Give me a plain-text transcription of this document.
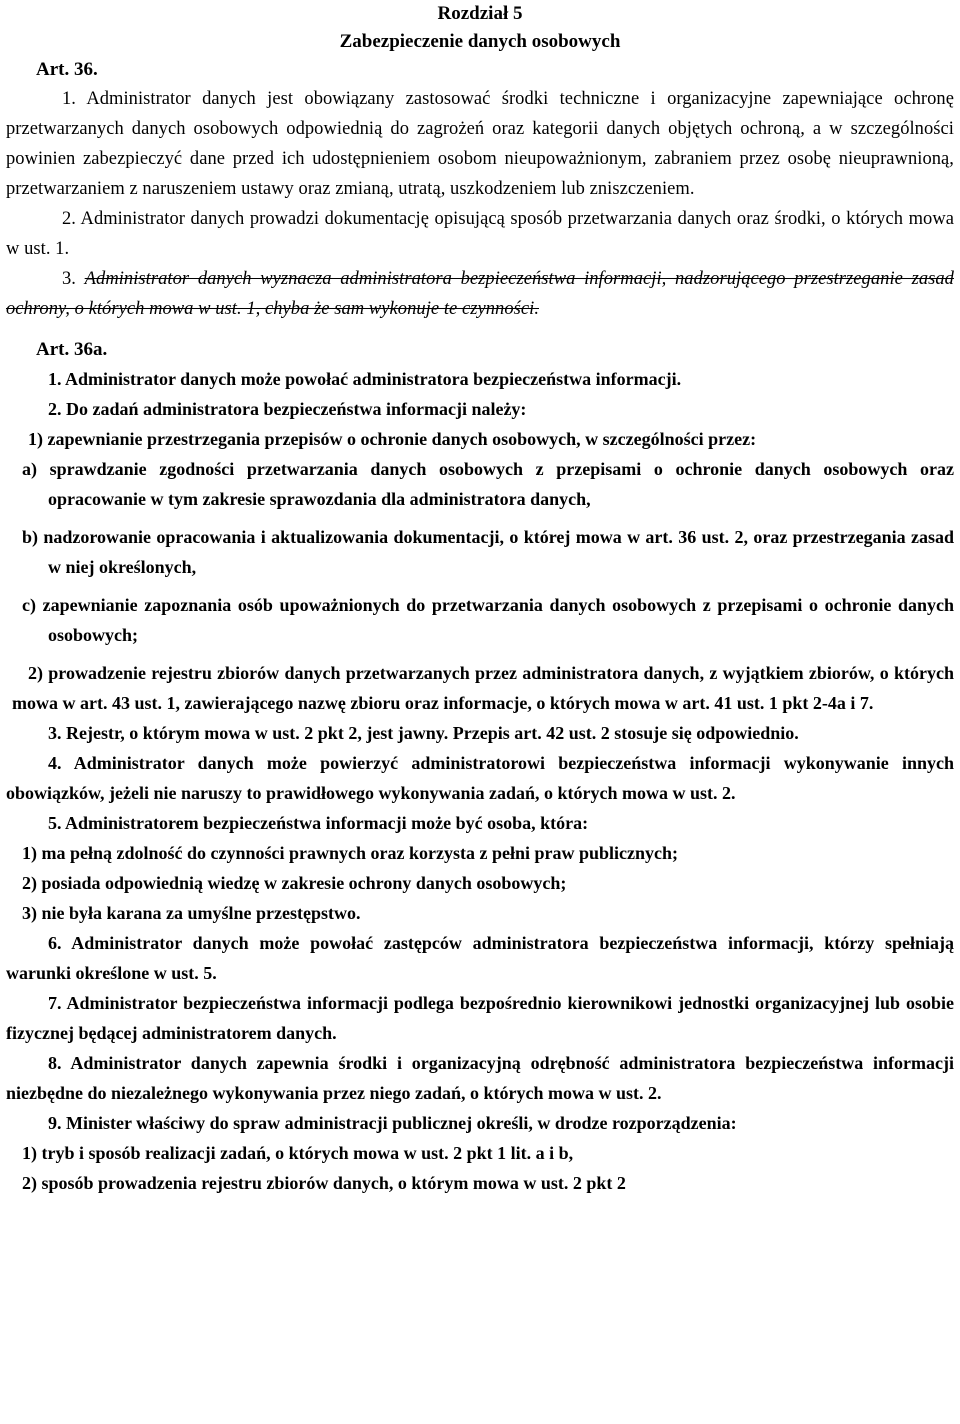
Rozdział 5
Zabezpieczenie danych osobowych
Art. 36.

1. Administrator danych jest obowiązany zastosować środki techniczne i organizacyjne zapewniające ochronę przetwarzanych danych osobowych odpowiednią do zagrożeń oraz kategorii danych objętych ochroną, a w szczególności powinien zabezpieczyć dane przed ich udostępnieniem osobom nieupoważnionym, zabraniem przez osobę nieuprawnioną, przetwarzaniem z naruszeniem ustawy oraz zmianą, utratą, uszkodzeniem lub zniszczeniem.

2. Administrator danych prowadzi dokumentację opisującą sposób przetwarzania danych oraz środki, o których mowa w ust. 1.

3. Administrator danych wyznacza administratora bezpieczeństwa informacji, nadzorującego przestrzeganie zasad ochrony, o których mowa w ust. 1, chyba że sam wykonuje te czynności.

Art. 36a.

1. Administrator danych może powołać administratora bezpieczeństwa informacji.

2. Do zadań administratora bezpieczeństwa informacji należy:

1) zapewnianie przestrzegania przepisów o ochronie danych osobowych, w szczególności przez:

a) sprawdzanie zgodności przetwarzania danych osobowych z przepisami o ochronie danych osobowych oraz opracowanie w tym zakresie sprawozdania dla administratora danych,

b) nadzorowanie opracowania i aktualizowania dokumentacji, o której mowa w art. 36 ust. 2, oraz przestrzegania zasad w niej określonych,

c) zapewnianie zapoznania osób upoważnionych do przetwarzania danych osobowych z przepisami o ochronie danych osobowych;

2) prowadzenie rejestru zbiorów danych przetwarzanych przez administratora danych, z wyjątkiem zbiorów, o których mowa w art. 43 ust. 1, zawierającego nazwę zbioru oraz informacje, o których mowa w art. 41 ust. 1 pkt 2-4a i 7.

3. Rejestr, o którym mowa w ust. 2 pkt 2, jest jawny. Przepis art. 42 ust. 2 stosuje się odpowiednio.

4. Administrator danych może powierzyć administratorowi bezpieczeństwa informacji wykonywanie innych obowiązków, jeżeli nie naruszy to prawidłowego wykonywania zadań, o których mowa w ust. 2.

5. Administratorem bezpieczeństwa informacji może być osoba, która:

1) ma pełną zdolność do czynności prawnych oraz korzysta z pełni praw publicznych;

2) posiada odpowiednią wiedzę w zakresie ochrony danych osobowych;

3) nie była karana za umyślne przestępstwo.

6. Administrator danych może powołać zastępców administratora bezpieczeństwa informacji, którzy spełniają warunki określone w ust. 5.

7. Administrator bezpieczeństwa informacji podlega bezpośrednio kierownikowi jednostki organizacyjnej lub osobie fizycznej będącej administratorem danych.

8. Administrator danych zapewnia środki i organizacyjną odrębność administratora bezpieczeństwa informacji niezbędne do niezależnego wykonywania przez niego zadań, o których mowa w ust. 2.

9. Minister właściwy do spraw administracji publicznej określi, w drodze rozporządzenia:

1) tryb i sposób realizacji zadań, o których mowa w ust. 2 pkt 1 lit. a i b,

2) sposób prowadzenia rejestru zbiorów danych, o którym mowa w ust. 2 pkt 2
